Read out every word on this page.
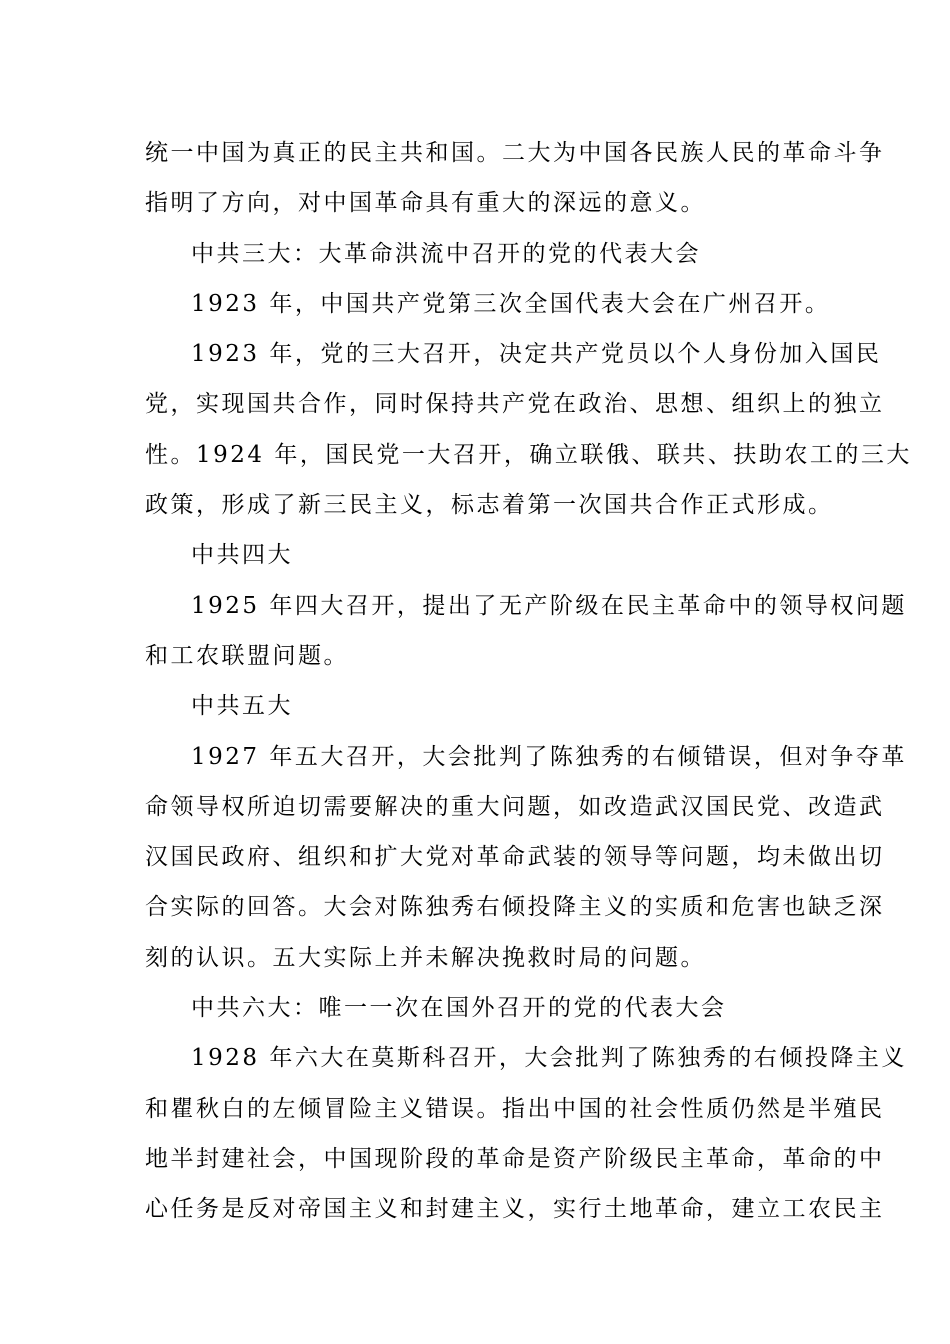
统一中国为真正的民主共和国。二大为中国各民族人民的革命斗争
指明了方向，对中国革命具有重大的深远的意义。
中共三大：大革命洪流中召开的党的代表大会
1923 年，中国共产党第三次全国代表大会在广州召开。
1923 年，党的三大召开，决定共产党员以个人身份加入国民
党，实现国共合作，同时保持共产党在政治、思想、组织上的独立
性。1924 年，国民党一大召开，确立联俄、联共、扶助农工的三大
政策，形成了新三民主义，标志着第一次国共合作正式形成。
中共四大
1925 年四大召开，提出了无产阶级在民主革命中的领导权问题
和工农联盟问题。
中共五大
1927 年五大召开，大会批判了陈独秀的右倾错误，但对争夺革
命领导权所迫切需要解决的重大问题，如改造武汉国民党、改造武
汉国民政府、组织和扩大党对革命武装的领导等问题，均未做出切
合实际的回答。大会对陈独秀右倾投降主义的实质和危害也缺乏深
刻的认识。五大实际上并未解决挽救时局的问题。
中共六大：唯一一次在国外召开的党的代表大会
1928 年六大在莫斯科召开，大会批判了陈独秀的右倾投降主义
和瞿秋白的左倾冒险主义错误。指出中国的社会性质仍然是半殖民
地半封建社会，中国现阶段的革命是资产阶级民主革命，革命的中
心任务是反对帝国主义和封建主义，实行土地革命，建立工农民主
